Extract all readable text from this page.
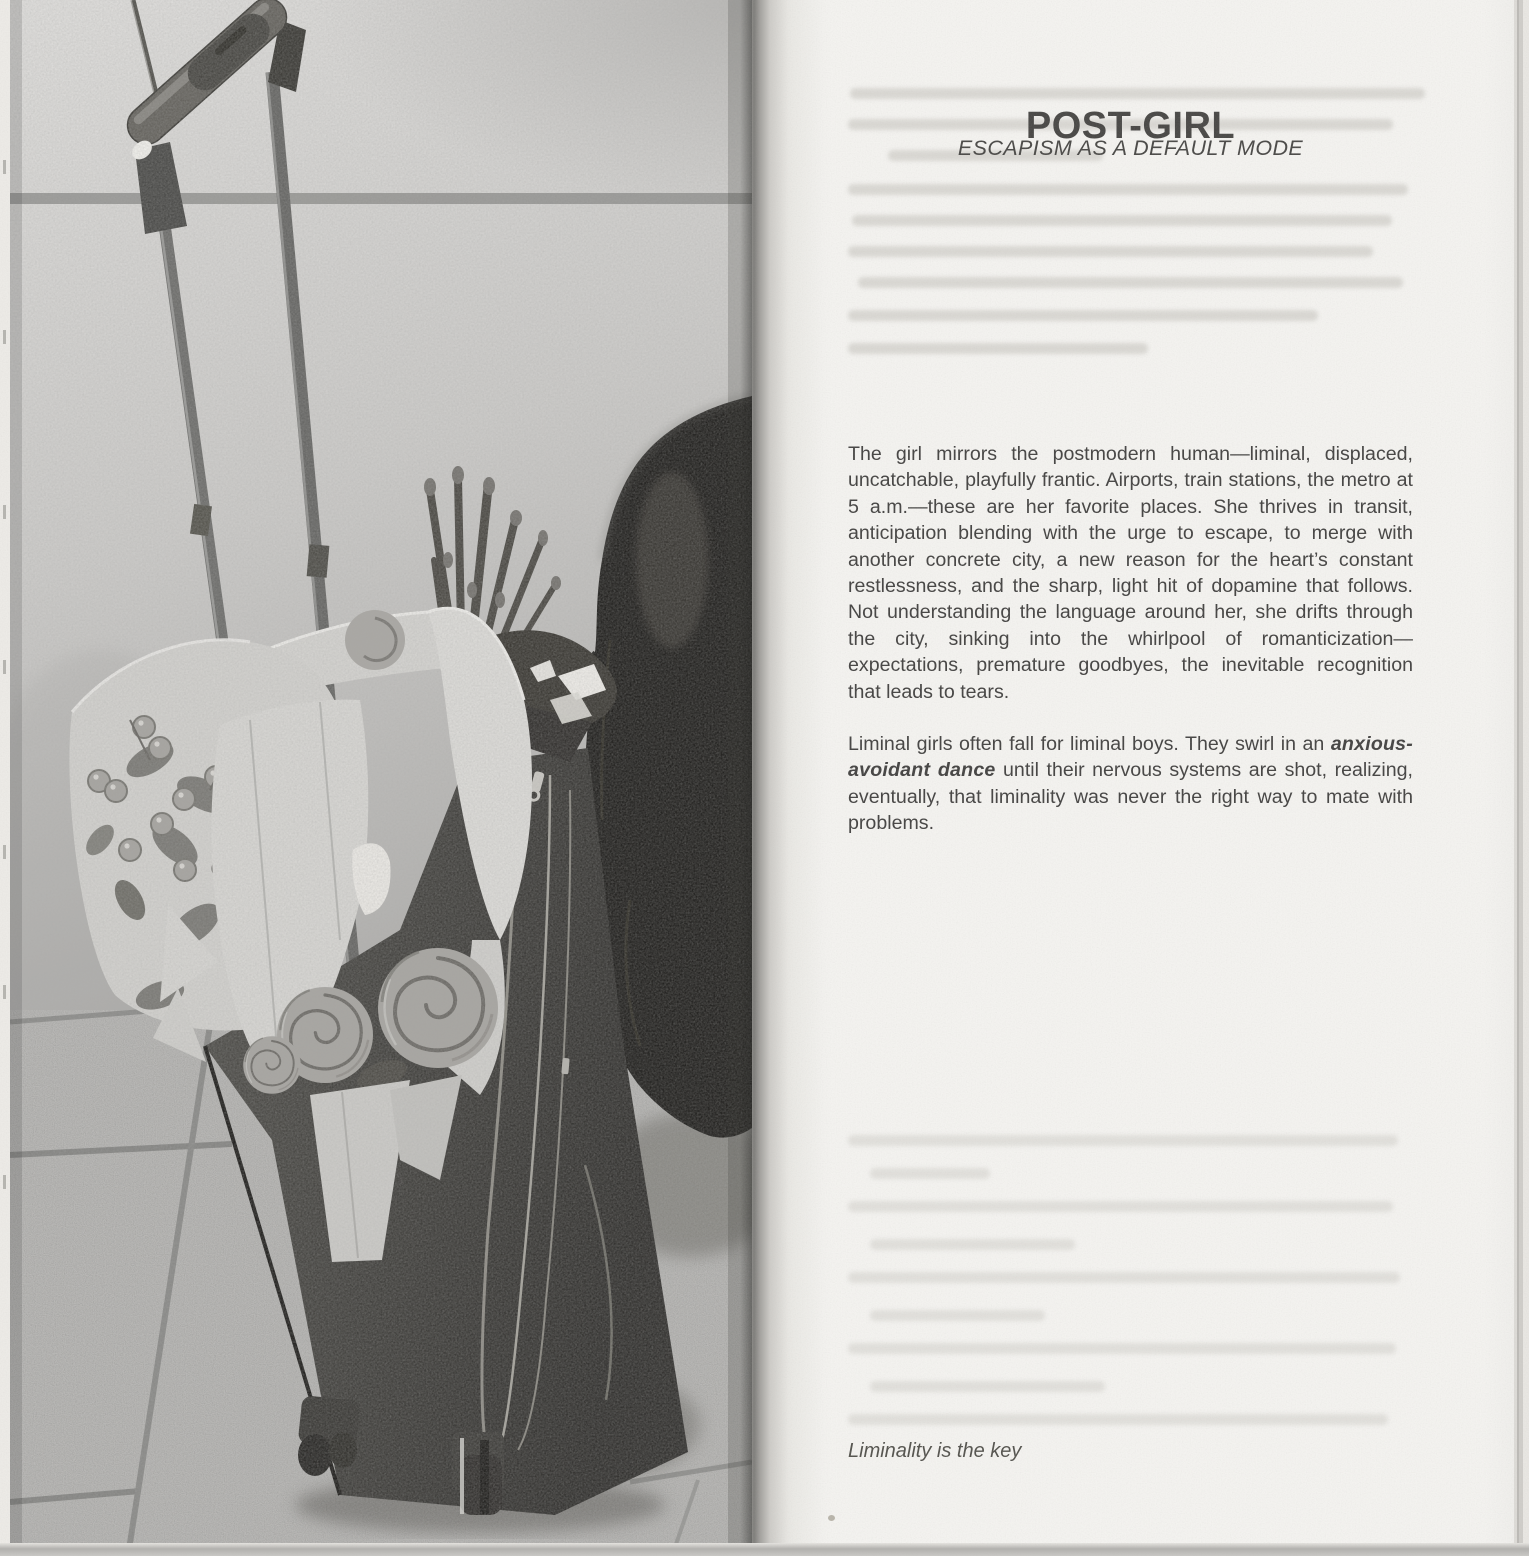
POST-GIRL
ESCAPISM AS A DEFAULT MODE

The girl mirrors the postmodern human—liminal, displaced, uncatchable, playfully frantic. Airports, train stations, the metro at 5 a.m.—these are her favorite places. She thrives in transit, anticipation blending with the urge to escape, to merge with another concrete city, a new reason for the heart’s constant restlessness, and the sharp, light hit of dopamine that follows. Not understanding the language around her, she drifts through the city, sinking into the whirlpool of romanticization—expectations, premature goodbyes, the inevitable recognition that leads to tears.

Liminal girls often fall for liminal boys. They swirl in an anxious-avoidant dance until their nervous systems are shot, realizing, eventually, that liminality was never the right way to mate with problems.

Liminality is the key
